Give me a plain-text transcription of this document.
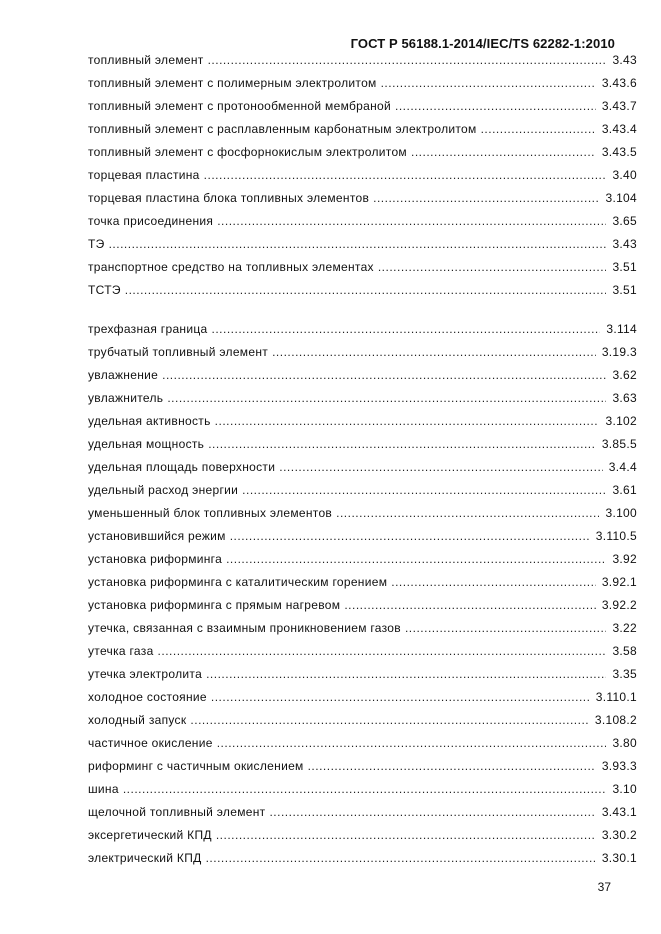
ГОСТ Р 56188.1-2014/IEC/TS 62282-1:2010
топливный элемент .....	3.43
топливный элемент с полимерным электролитом .....	3.43.6
топливный элемент с протонообменной мембраной .....	3.43.7
топливный элемент с расплавленным карбонатным электролитом .....	3.43.4
топливный элемент с фосфорнокислым электролитом .....	3.43.5
торцевая пластина .....	3.40
торцевая пластина блока топливных элементов .....	3.104
точка присоединения .....	3.65
ТЭ .....	3.43
транспортное средство на топливных элементах .....	3.51
ТСТЭ .....	3.51
трехфазная граница .....	3.114
трубчатый топливный элемент .....	3.19.3
увлажнение .....	3.62
увлажнитель .....	3.63
удельная активность .....	3.102
удельная мощность .....	3.85.5
удельная площадь поверхности .....	3.4.4
удельный расход энергии .....	3.61
уменьшенный блок топливных элементов .....	3.100
установившийся режим .....	3.110.5
установка риформинга .....	3.92
установка риформинга с каталитическим горением .....	3.92.1
установка риформинга с прямым нагревом .....	3.92.2
утечка, связанная с взаимным проникновением газов .....	3.22
утечка газа .....	3.58
утечка электролита .....	3.35
холодное состояние .....	3.110.1
холодный запуск .....	3.108.2
частичное окисление .....	3.80
риформинг с частичным окислением .....	3.93.3
шина .....	3.10
щелочной топливный элемент .....	3.43.1
эксергетический КПД .....	3.30.2
электрический КПД .....	3.30.1
37
